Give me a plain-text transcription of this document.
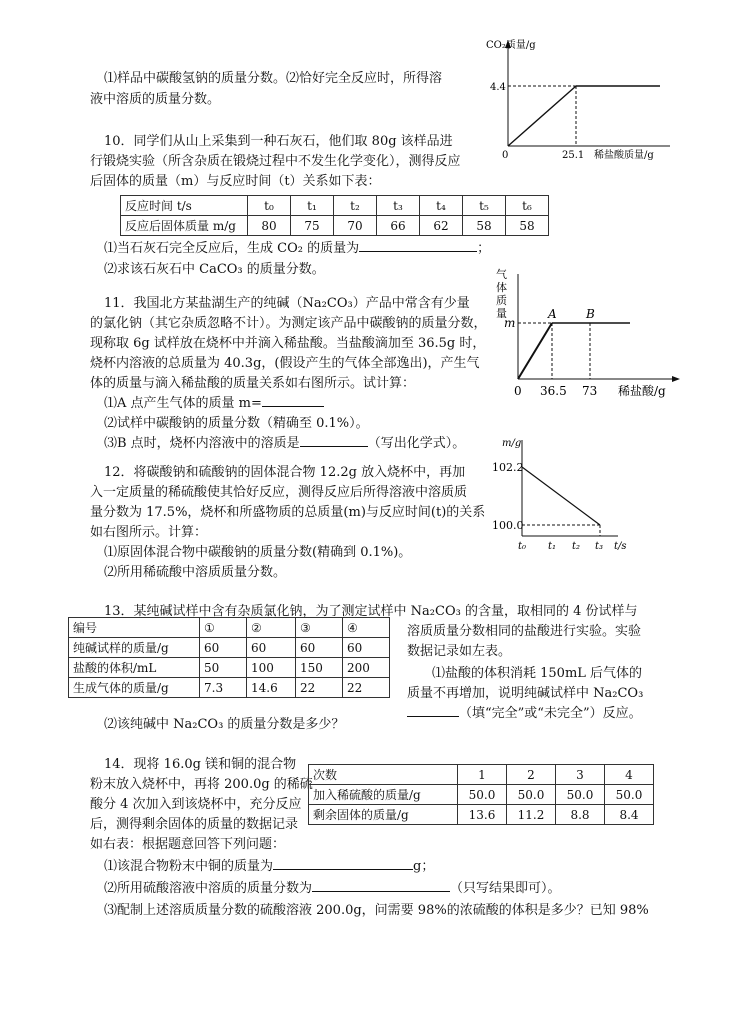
⑴样品中碳酸氢钠的质量分数。⑵恰好完全反应时，所得溶
液中溶质的质量分数。
CO₂质量/g
4.4
0	25.1 稀盐酸质量/g
10．同学们从山上采集到一种石灰石，他们取 80g 该样品进
行锻烧实验（所含杂质在锻烧过程中不发生化学变化），测得反应
后固体的质量（m）与反应时间（t）关系如下表：
反应时间 t/s	t₀	t₁	t₂	t₃	t₄	t₅	t₆
反应后固体质量 m/g	80	75	70	66	62	58	58
⑴当石灰石完全反应后，生成 CO₂ 的质量为	；
⑵求该石灰石中 CaCO₃ 的质量分数。	气
体
质
量
m
A B
0 36.5 73 稀盐酸/g
11．我国北方某盐湖生产的纯碱（Na₂CO₃）产品中常含有少量
的氯化钠（其它杂质忽略不计）。为测定该产品中碳酸钠的质量分数，
现称取 6g 试样放在烧杯中并滴入稀盐酸。当盐酸滴加至 36.5g 时，
烧杯内溶液的总质量为 40.3g，(假设产生的气体全部逸出)，产生气
体的质量与滴入稀盐酸的质量关系如右图所示。试计算：
⑴A 点产生气体的质量 m=
⑵试样中碳酸钠的质量分数（精确至 0.1%）。
⑶B 点时，烧杯内溶液中的溶质是	（写出化学式）。	m/g
102.2
100.0
t₀ t₁ t₂ t₃ t/s
12．将碳酸钠和硫酸钠的固体混合物 12.2g 放入烧杯中，再加
入一定质量的稀硫酸使其恰好反应，测得反应后所得溶液中溶质质
量分数为 17.5%，烧杯和所盛物质的总质量(m)与反应时间(t)的关系
如右图所示。计算：
⑴原固体混合物中碳酸钠的质量分数(精确到 0.1%)。
⑵所用稀硫酸中溶质质量分数。
13．某纯碱试样中含有杂质氯化钠，为了测定试样中 Na₂CO₃ 的含量，取相同的 4 份试样与
溶质质量分数相同的盐酸进行实验。实验
数据记录如左表。
编号	①	②	③	④
纯碱试样的质量/g	60	60	60	60
盐酸的体积/mL	50	100	150	200
生成气体的质量/g	7.3	14.6	22	22
⑴盐酸的体积消耗 150mL 后气体的
质量不再增加，说明纯碱试样中 Na₂CO₃
（填“完全”或“未完全”）反应。
⑵该纯碱中 Na₂CO₃ 的质量分数是多少？
14．现将 16.0g 镁和铜的混合物
粉末放入烧杯中，再将 200.0g 的稀硫
酸分 4 次加入到该烧杯中，充分反应
后，测得剩余固体的质量的数据记录
如右表：根据题意回答下列问题：
次数	1	2	3	4
加入稀硫酸的质量/g	50.0	50.0	50.0	50.0
剩余固体的质量/g	13.6	11.2	8.8	8.4
⑴该混合物粉末中铜的质量为	g；
⑵所用硫酸溶液中溶质的质量分数为	（只写结果即可）。
⑶配制上述溶质质量分数的硫酸溶液 200.0g，问需要 98%的浓硫酸的体积是多少？已知 98%
